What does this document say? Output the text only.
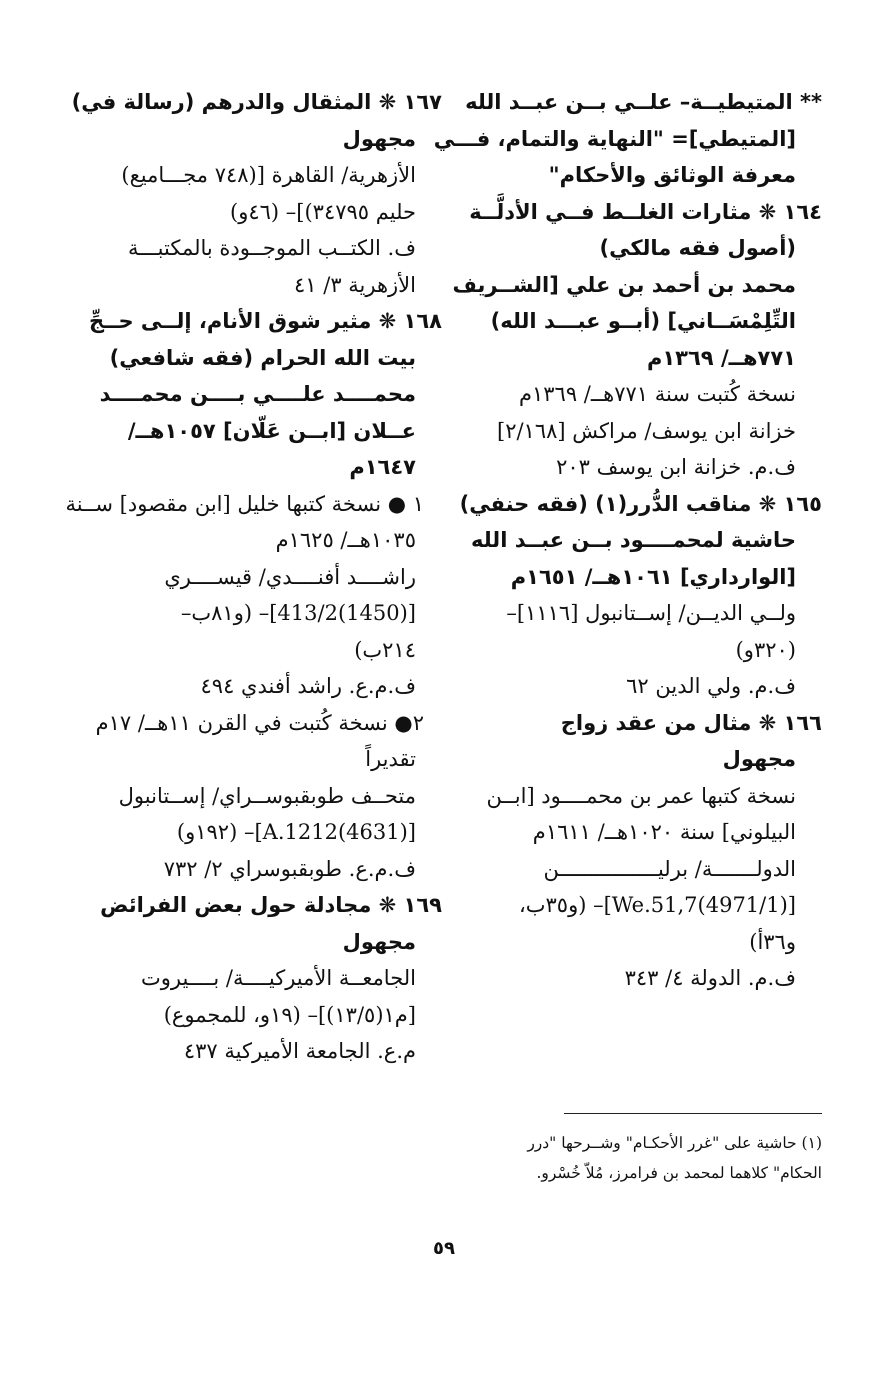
** المتيطيــة– علــي بــن عبــد الله
[المتيطي]= "النهاية والتمام، فـــي
معرفة الوثائق والأحكام"
١٦٤ ❋ مثارات الغلــط فــي الأدلَّــة
(أصول فقه مالكي)
محمد بن أحمد بن علي [الشــريف
التِّلِمْسَــاني] (أبــو عبـــد الله)
٧٧١هــ/ ١٣٦٩م
نسخة كُتبت سنة ٧٧١هــ/ ١٣٦٩م
خزانة ابن يوسف/ مراكش [٢/١٦٨]
ف.م. خزانة ابن يوسف ٢٠٣
١٦٥ ❋ مناقب الدُّرر(١) (فقه حنفي)
حاشية لمحمــــود بــن عبــد الله
[الوارداري] ١٠٦١هــ/ ١٦٥١م
ولــي الديــن/ إســتانبول [١١١٦]–
(٣٢٠و)
ف.م. ولي الدين ٦٢
١٦٦ ❋ مثال من عقد زواج
مجهول
نسخة كتبها عمر بن محمــــود [ابــن
البيلوني] سنة ١٠٢٠هــ/ ١٦١١م
الدولـــــــة/ برليــــــــــــــــن
[(4971/1)We.51,7]– (و٣٥ب،
و٣٦أ)
ف.م. الدولة ٤/ ٣٤٣
١٦٧ ❋ المثقال والدرهم (رسالة في)
مجهول
الأزهرية/ القاهرة [(٧٤٨ مجـــاميع)
حليم ٣٤٧٩٥)]– (٤٦و)
ف. الكتــب الموجــودة بالمكتبـــة
الأزهرية ٣/ ٤١
١٦٨ ❋ مثير شوق الأنام، إلــى حــجِّ
بيت الله الحرام (فقه شافعي)
محمــــد علــــي بــــن محمــــد
عــلان [ابــن عَلّان] ١٠٥٧هــ/
١٦٤٧م
١ ● نسخة كتبها خليل [ابن مقصود] ســنة
١٠٣٥هــ/ ١٦٢٥م
راشــــد أفنــــدي/ قيســــري
[(1450)413/2]– (و٨١ب–
٢١٤ب)
ف.م.ع. راشد أفندي ٤٩٤
٢● نسخة كُتبت في القرن ١١هــ/ ١٧م
تقديراً
متحــف طوبقبوســراي/ إســتانبول
[(4631)A.1212]– (١٩٢و)
ف.م.ع. طوبقبوسراي ٢/ ٧٣٢
١٦٩ ❋ مجادلة حول بعض الفرائض
مجهول
الجامعــة الأميركيــــة/ بــــيروت
[م١(١٣/٥)]– (١٩و، للمجموع)
م.ع. الجامعة الأميركية ٤٣٧
(١) حاشية على "غرر الأحكـام" وشــرحها "درر
الحكام" كلاهما لمحمد بن فرامرز، مُلاّ خُسْرو.
٥٩
